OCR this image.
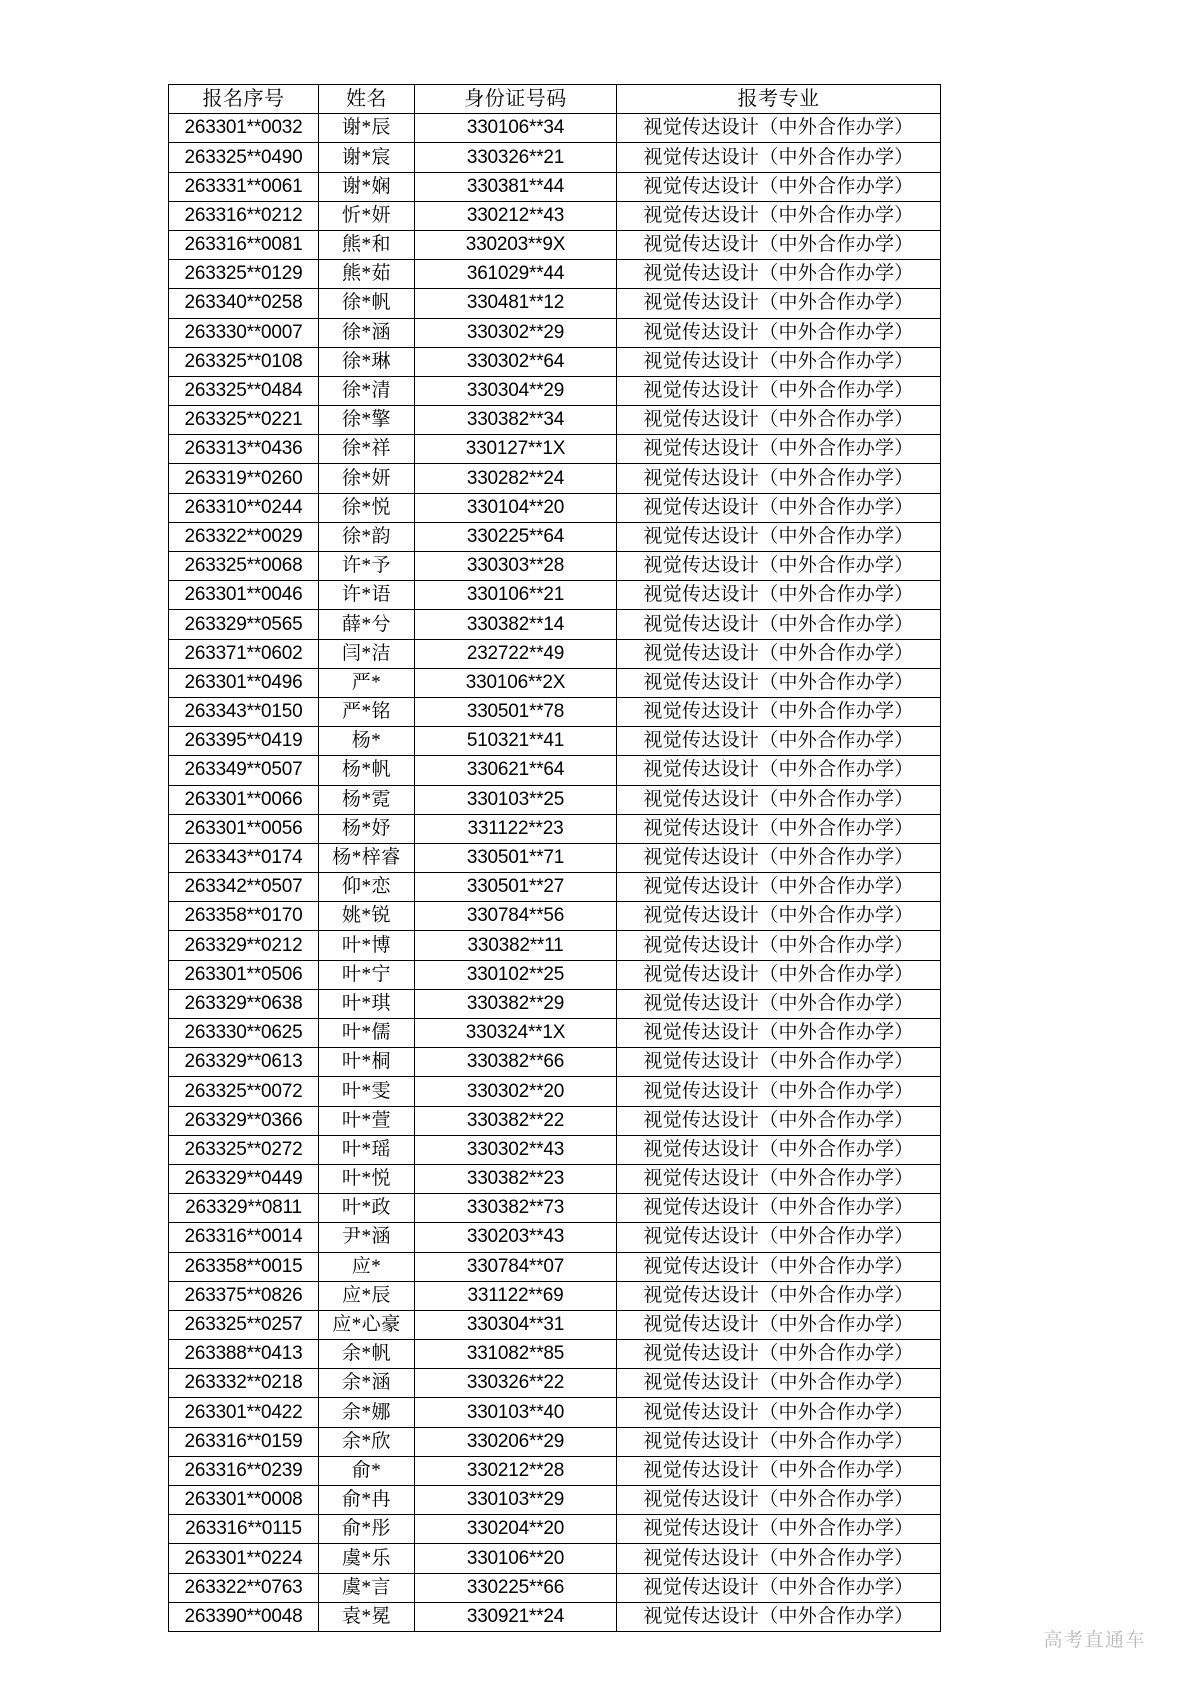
报名序号	姓名	身份证号码	报考专业
263301**0032	谢*辰	330106**34	视觉传达设计（中外合作办学）
263325**0490	谢*宸	330326**21	视觉传达设计（中外合作办学）
263331**0061	谢*娴	330381**44	视觉传达设计（中外合作办学）
263316**0212	忻*妍	330212**43	视觉传达设计（中外合作办学）
263316**0081	熊*和	330203**9X	视觉传达设计（中外合作办学）
263325**0129	熊*茹	361029**44	视觉传达设计（中外合作办学）
263340**0258	徐*帆	330481**12	视觉传达设计（中外合作办学）
263330**0007	徐*涵	330302**29	视觉传达设计（中外合作办学）
263325**0108	徐*琳	330302**64	视觉传达设计（中外合作办学）
263325**0484	徐*清	330304**29	视觉传达设计（中外合作办学）
263325**0221	徐*擎	330382**34	视觉传达设计（中外合作办学）
263313**0436	徐*祥	330127**1X	视觉传达设计（中外合作办学）
263319**0260	徐*妍	330282**24	视觉传达设计（中外合作办学）
263310**0244	徐*悦	330104**20	视觉传达设计（中外合作办学）
263322**0029	徐*韵	330225**64	视觉传达设计（中外合作办学）
263325**0068	许*予	330303**28	视觉传达设计（中外合作办学）
263301**0046	许*语	330106**21	视觉传达设计（中外合作办学）
263329**0565	薛*兮	330382**14	视觉传达设计（中外合作办学）
263371**0602	闫*洁	232722**49	视觉传达设计（中外合作办学）
263301**0496	严*	330106**2X	视觉传达设计（中外合作办学）
263343**0150	严*铭	330501**78	视觉传达设计（中外合作办学）
263395**0419	杨*	510321**41	视觉传达设计（中外合作办学）
263349**0507	杨*帆	330621**64	视觉传达设计（中外合作办学）
263301**0066	杨*霓	330103**25	视觉传达设计（中外合作办学）
263301**0056	杨*妤	331122**23	视觉传达设计（中外合作办学）
263343**0174	杨*梓睿	330501**71	视觉传达设计（中外合作办学）
263342**0507	仰*恋	330501**27	视觉传达设计（中外合作办学）
263358**0170	姚*锐	330784**56	视觉传达设计（中外合作办学）
263329**0212	叶*博	330382**11	视觉传达设计（中外合作办学）
263301**0506	叶*宁	330102**25	视觉传达设计（中外合作办学）
263329**0638	叶*琪	330382**29	视觉传达设计（中外合作办学）
263330**0625	叶*儒	330324**1X	视觉传达设计（中外合作办学）
263329**0613	叶*桐	330382**66	视觉传达设计（中外合作办学）
263325**0072	叶*雯	330302**20	视觉传达设计（中外合作办学）
263329**0366	叶*萱	330382**22	视觉传达设计（中外合作办学）
263325**0272	叶*瑶	330302**43	视觉传达设计（中外合作办学）
263329**0449	叶*悦	330382**23	视觉传达设计（中外合作办学）
263329**0811	叶*政	330382**73	视觉传达设计（中外合作办学）
263316**0014	尹*涵	330203**43	视觉传达设计（中外合作办学）
263358**0015	应*	330784**07	视觉传达设计（中外合作办学）
263375**0826	应*辰	331122**69	视觉传达设计（中外合作办学）
263325**0257	应*心豪	330304**31	视觉传达设计（中外合作办学）
263388**0413	余*帆	331082**85	视觉传达设计（中外合作办学）
263332**0218	余*涵	330326**22	视觉传达设计（中外合作办学）
263301**0422	余*娜	330103**40	视觉传达设计（中外合作办学）
263316**0159	余*欣	330206**29	视觉传达设计（中外合作办学）
263316**0239	俞*	330212**28	视觉传达设计（中外合作办学）
263301**0008	俞*冉	330103**29	视觉传达设计（中外合作办学）
263316**0115	俞*彤	330204**20	视觉传达设计（中外合作办学）
263301**0224	虞*乐	330106**20	视觉传达设计（中外合作办学）
263322**0763	虞*言	330225**66	视觉传达设计（中外合作办学）
263390**0048	袁*冕	330921**24	视觉传达设计（中外合作办学）
高考直通车
